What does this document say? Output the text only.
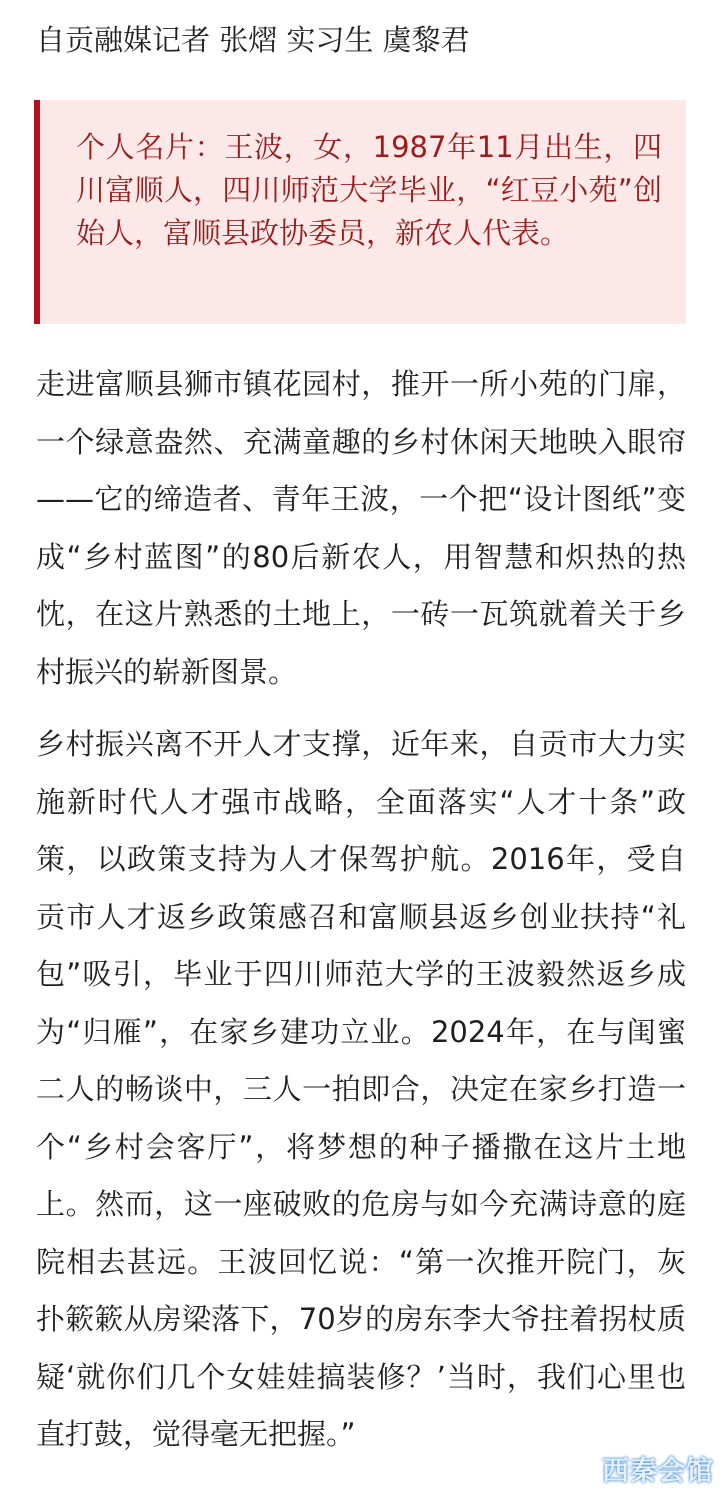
自贡融媒记者 张熠 实习生 虞黎君
个人名片：王波，女，1987年11月出生，四川富顺人，四川师范大学毕业，“红豆小苑”创始人，富顺县政协委员，新农人代表。

走进富顺县狮市镇花园村，推开一所小苑的门扉，一个绿意盎然、充满童趣的乡村休闲天地映入眼帘——它的缔造者、青年王波，一个把“设计图纸”变成“乡村蓝图”的80后新农人，用智慧和炽热的热忱，在这片熟悉的土地上，一砖一瓦筑就着关于乡村振兴的崭新图景。

乡村振兴离不开人才支撑，近年来，自贡市大力实施新时代人才强市战略，全面落实“人才十条”政策，以政策支持为人才保驾护航。2016年，受自贡市人才返乡政策感召和富顺县返乡创业扶持“礼包”吸引，毕业于四川师范大学的王波毅然返乡成为“归雁”，在家乡建功立业。2024年，在与闺蜜二人的畅谈中，三人一拍即合，决定在家乡打造一个“乡村会客厅”，将梦想的种子播撒在这片土地上。然而，这一座破败的危房与如今充满诗意的庭院相去甚远。王波回忆说：“第一次推开院门，灰扑簌簌从房梁落下，70岁的房东李大爷拄着拐杖质疑‘就你们几个女娃娃搞装修？’当时，我们心里也直打鼓，觉得毫无把握。”

西秦会馆
